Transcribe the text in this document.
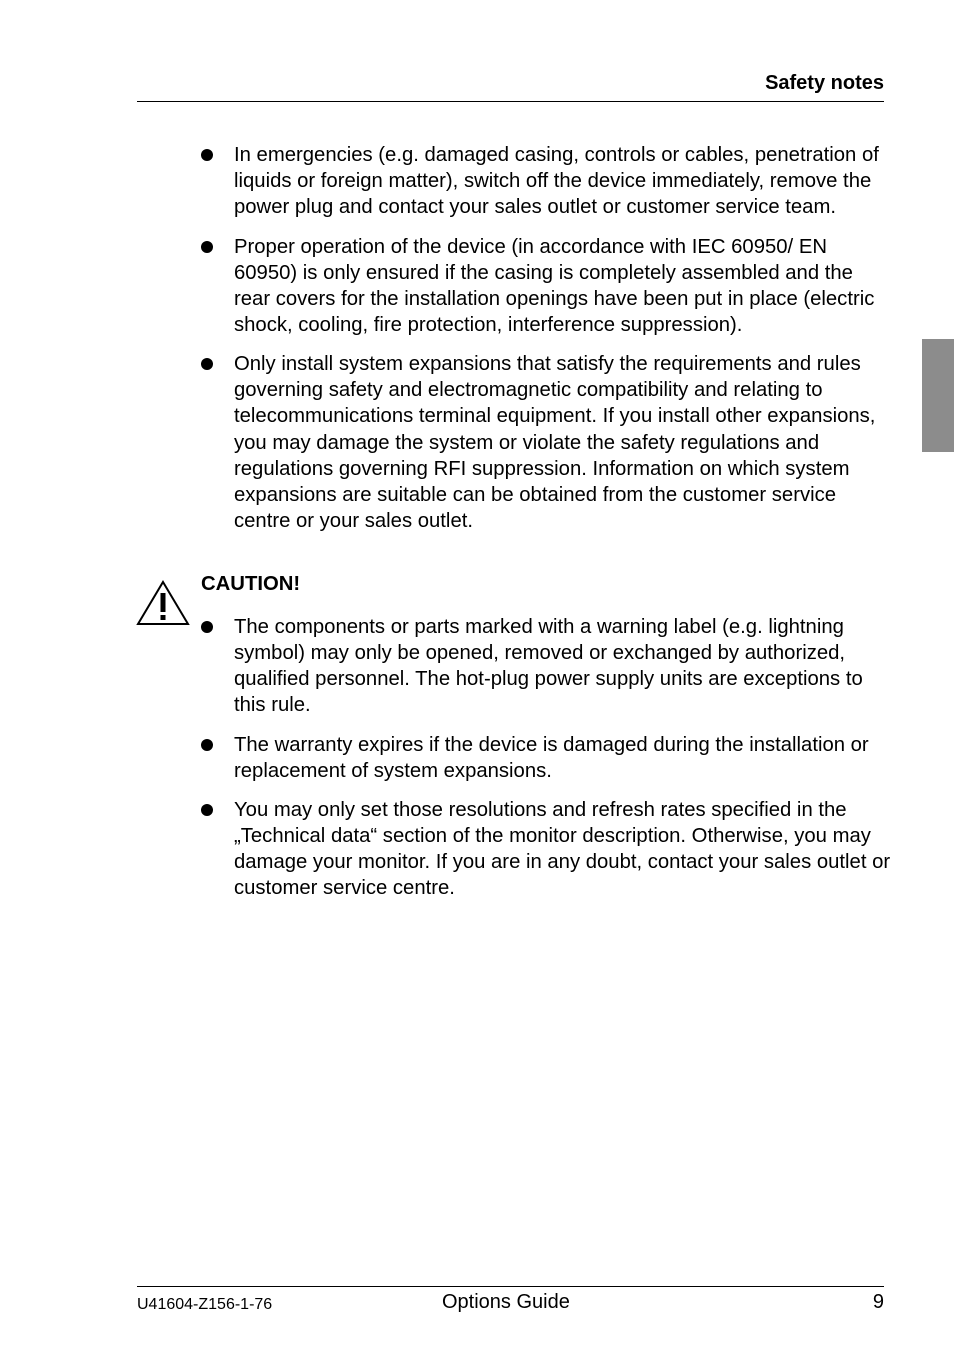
Safety notes
In emergencies (e.g. damaged casing, controls or cables, penetration of liquids or foreign matter), switch off the device immediately, remove the power plug and contact your sales outlet or customer service team.
Proper operation of the device (in accordance with IEC 60950/ EN 60950) is only ensured if the casing is completely assembled and the rear covers for the installation openings have been put in place (electric shock, cooling, fire protection, interference suppression).
Only install system expansions that satisfy the requirements and rules governing safety and electromagnetic compatibility and relating to telecommunications terminal equipment. If you install other expansions, you may damage the system or violate the safety regulations and regulations governing RFI suppression. Information on which system expansions are suitable can be obtained from the customer service centre or your sales outlet.
CAUTION!
The components or parts marked with a warning label (e.g. lightning symbol) may only be opened, removed or exchanged by authorized, qualified personnel. The hot-plug power supply units are exceptions to this rule.
The warranty expires if the device is damaged during the installation or replacement of system expansions.
You may only set those resolutions and refresh rates specified in the „Technical data“ section of the monitor description. Otherwise, you may damage your monitor. If you are in any doubt, contact your sales outlet or customer service centre.
U41604-Z156-1-76	Options Guide	9
